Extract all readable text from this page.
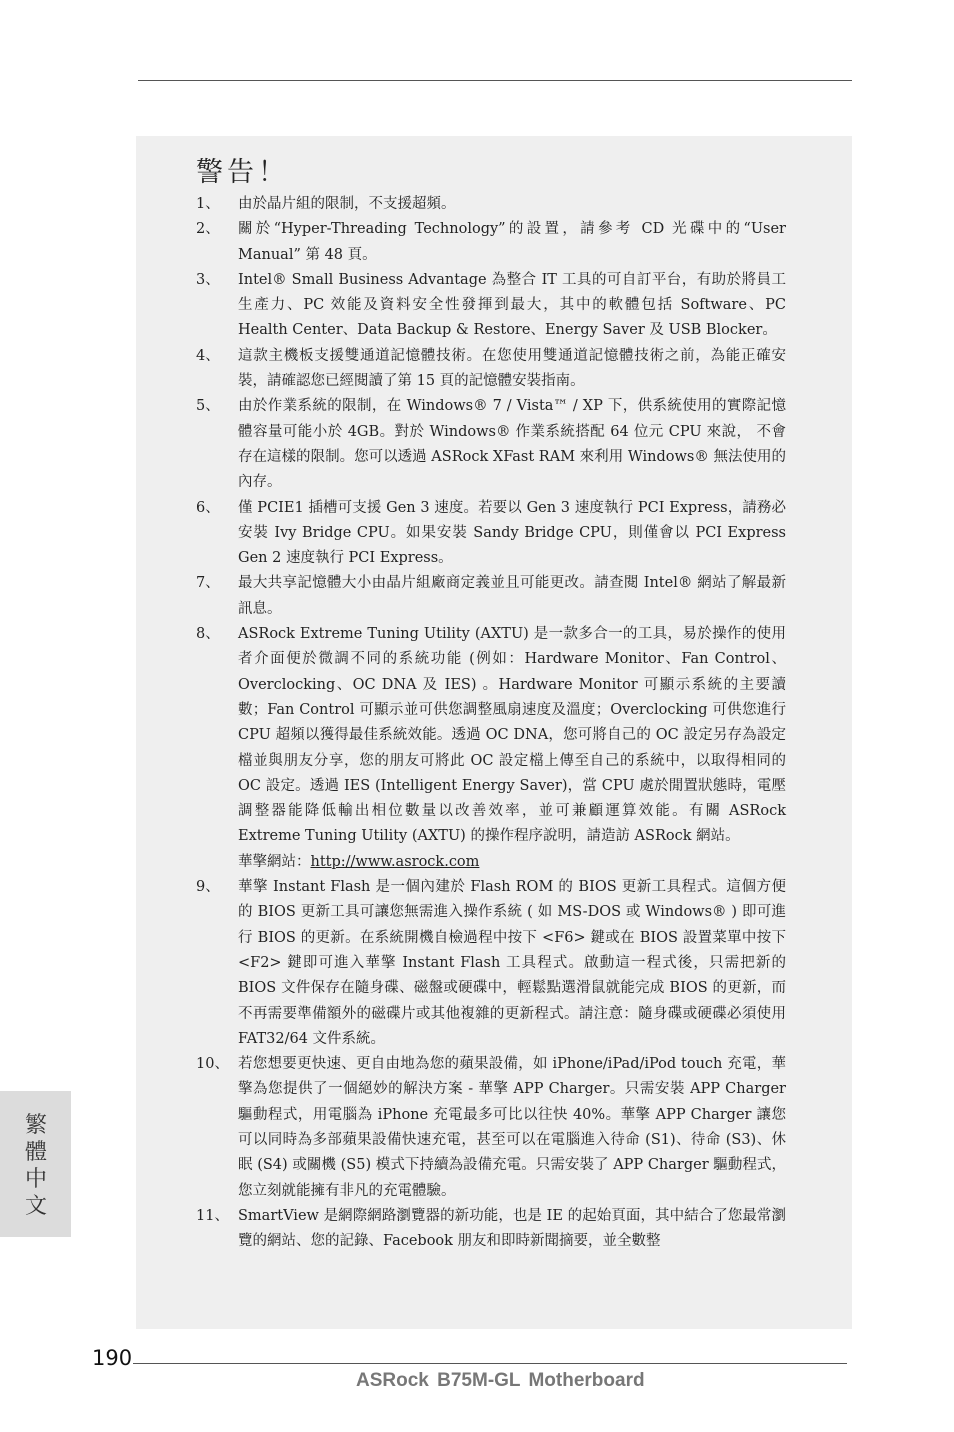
警告！
1、	由於晶片組的限制，不支援超頻。
2、	關於“Hyper-Threading Technology”的設置，請參考 CD 光碟中的“User Manual” 第 48 頁。
3、	Intel® Small Business Advantage 為整合 IT 工具的可自訂平台，有助於將員工生產力、PC 效能及資料安全性發揮到最大，其中的軟體包括 Software、PC Health Center、Data Backup & Restore、Energy Saver 及 USB Blocker。
4、	這款主機板支援雙通道記憶體技術。在您使用雙通道記憶體技術之前，為能正確安裝，請確認您已經閱讀了第 15 頁的記憶體安裝指南。
5、	由於作業系統的限制，在 Windows® 7 / Vista™ / XP 下，供系統使用的實際記憶體容量可能小於 4GB。對於 Windows® 作業系統搭配 64 位元 CPU 來說， 不會存在這樣的限制。您可以透過 ASRock XFast RAM 來利用 Windows® 無法使用的內存。
6、	僅 PCIE1 插槽可支援 Gen 3 速度。若要以 Gen 3 速度執行 PCI Express，請務必安裝 Ivy Bridge CPU。如果安裝 Sandy Bridge CPU，則僅會以 PCI Express Gen 2 速度執行 PCI Express。
7、	最大共享記憶體大小由晶片組廠商定義並且可能更改。請查閱 Intel® 網站了解最新訊息。
8、	ASRock Extreme Tuning Utility (AXTU) 是一款多合一的工具，易於操作的使用者介面便於微調不同的系統功能 (例如：Hardware Monitor、Fan Control、Overclocking、OC DNA 及 IES) 。Hardware Monitor 可顯示系統的主要讀數；Fan Control 可顯示並可供您調整風扇速度及溫度；Overclocking 可供您進行 CPU 超頻以獲得最佳系統效能。透過 OC DNA，您可將自己的 OC 設定另存為設定檔並與朋友分享，您的朋友可將此 OC 設定檔上傳至自己的系統中，以取得相同的 OC 設定。透過 IES (Intelligent Energy Saver)，當 CPU 處於閒置狀態時，電壓調整器能降低輸出相位數量以改善效率，並可兼顧運算效能。有關 ASRock Extreme Tuning Utility (AXTU) 的操作程序說明，請造訪 ASRock 網站。
華擎網站：http://www.asrock.com
9、	華擎 Instant Flash 是一個內建於 Flash ROM 的 BIOS 更新工具程式。這個方便的 BIOS 更新工具可讓您無需進入操作系統 ( 如 MS-DOS 或 Windows® ) 即可進行 BIOS 的更新。在系統開機自檢過程中按下 <F6> 鍵或在 BIOS 設置菜單中按下 <F2> 鍵即可進入華擎 Instant Flash 工具程式。啟動這一程式後，只需把新的 BIOS 文件保存在隨身碟、磁盤或硬碟中，輕鬆點選滑鼠就能完成 BIOS 的更新，而不再需要準備額外的磁碟片或其他複雜的更新程式。請注意：隨身碟或硬碟必須使用 FAT32/64 文件系統。
10、 若您想要更快速、更自由地為您的蘋果設備，如 iPhone/iPad/iPod touch 充電，華擎為您提供了一個絕妙的解決方案 - 華擎 APP Charger。只需安裝 APP Charger 驅動程式，用電腦為 iPhone 充電最多可比以往快 40%。華擎 APP Charger 讓您可以同時為多部蘋果設備快速充電，甚至可以在電腦進入待命 (S1)、待命 (S3)、休眠 (S4) 或關機 (S5) 模式下持續為設備充電。只需安裝了 APP Charger 驅動程式，您立刻就能擁有非凡的充電體驗。
11、 SmartView 是網際網路瀏覽器的新功能，也是 IE 的起始頁面，其中結合了您最常瀏覽的網站、您的記錄、Facebook 朋友和即時新聞摘要，並全數整
繁體中文
190
ASRock B75M-GL Motherboard
